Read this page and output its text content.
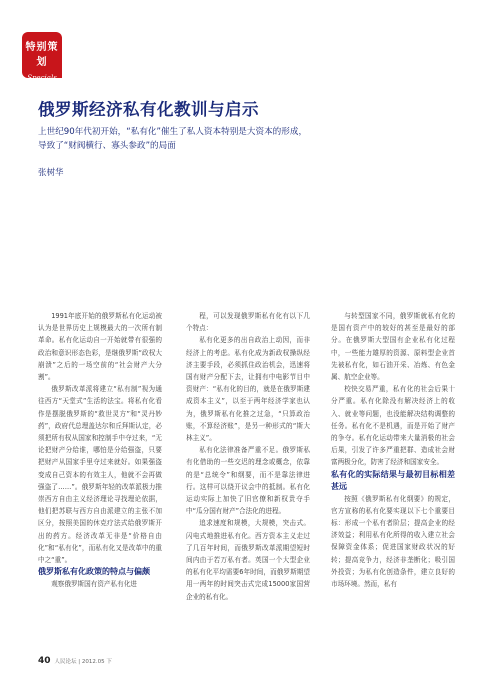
特别策划
Specials
俄罗斯经济私有化教训与启示
上世纪90年代初开始，“私有化”催生了私人资本特别是大资本的形成，导致了“财阀横行、寡头参政”的局面
张树华

1991年底开始的俄罗斯私有化运动被认为是世界历史上规模最大的一次所有制革命。私有化运动自一开始就带有很强的政治和意识形态色彩，是继俄罗斯“政权大崩溃”之后的一场空前的“社会财产大分割”。

俄罗斯改革派将建立“私有制”视为通往西方“天堂式”生活的法宝。将私有化看作是摆脱俄罗斯的“救世灵方”和“灵丹妙药”，政府代总理盖达尔和丘拜斯认定，必须把所有权从国家和控制手中夺过来，“无论把财产分给谁，哪怕是分给强盗，只要把财产从国家手里夺过来就好。如果强盗变成自己资本的有效主人，他就不会再做强盗了……”。俄罗斯年轻的改革派极力推崇西方自由主义经济理论寻找理论依据，他们把苏联与西方自由派建立的主张不加区分，按照美国的休克疗法式给俄罗斯开出的药方。经济改革无非是“价格自由化”和“私有化”，而私有化又是改革中的重中之“重”。

俄罗斯私有化政策的特点与偏颇

观察俄罗斯国有资产私有化进

程，可以发现俄罗斯私有化有以下几个特点：

私有化更多的出自政治上动因，而非经济上的考虑。私有化成为新政权操纵经济主要手段，必须抓住政治机会，迅速将国有财产分配下去，让拥有中电影节目中资财产：“私有化的目的，就是在俄罗斯建成资本主义”，以至于两年经济学家也认为，俄罗斯私有化推之过急，“只算政治账，不算经济账”，是另一种形式的“斯大林主义”。

私有化法律准备严重不足。俄罗斯私有化借助的一些交迟的理念或概念，依靠的是“总统令”和纲要，而不是靠法律进行。这样可以绕开议会中的抵制。私有化运动实际上加快了旧官僚和新权贵夺手中“瓜分国有财产”合法化的进程。

追求速度和规模，大规模，突击式。闪电式地推进私有化。西方资本主义走过了几百年时间，而俄罗斯改革派期望短时间内由于若万私有者。英国一个大型企业的私有化平均需要6年时间，而俄罗斯期望用一两年的时间突击式完成15000家国营企业的私有化。

与转型国家不同，俄罗斯就私有化的是国有资产中的较好的甚至是最好的部分。在俄罗斯大型国有企业私有化过程中，一些能力雄厚的资源、原料型企业首先被私有化，如石油开采、冶炼、有色金属、航空企业等。

校快交易严重，私有化的社会后果十分严重。私有化除没有解决经济上的收入、就业等问题，也没能解决结构调整的任务。私有化不是机遇，而是开始了财产的争夺。私有化运动带来大量消极的社会后果，引发了许多严重把群、造成社会财富两极分化，防害了经济和国家安全。

私有化的实际结果与最初目标相差甚远

按照《俄罗斯私有化纲要》的规定，官方宣称的私有化要实现以下七个重要目标：形成一个私有者阶层；提高企业的经济效益；利用私有化所得的收入建立社会保障资金体系；促进国家财政状况的好转；提高竞争力，经济非垄断化；吸引国外投资；为私有化创造条件，建立良好的市场环境。然而，私有

40 人民论坛 | 2012.05 下
